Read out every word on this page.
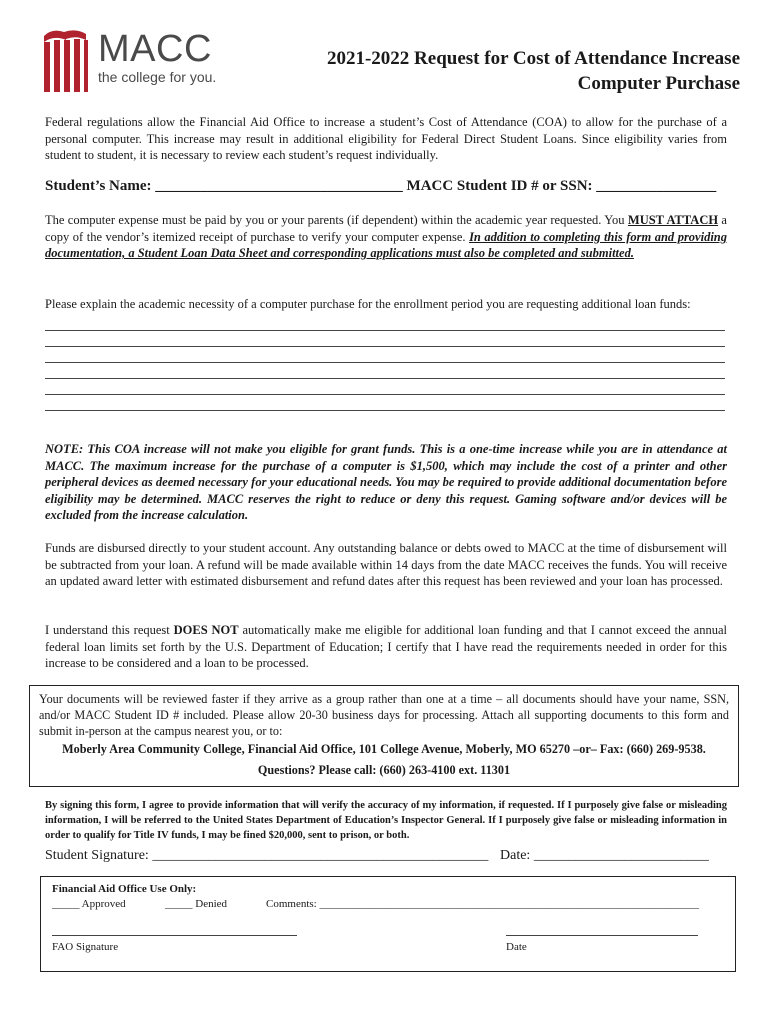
MACC
the college for you.
2021-2022 Request for Cost of Attendance Increase
Computer Purchase
Federal regulations allow the Financial Aid Office to increase a student’s Cost of Attendance (COA) to allow for the purchase of a personal computer. This increase may result in additional eligibility for Federal Direct Student Loans. Since eligibility varies from student to student, it is necessary to review each student’s request individually.
Student’s Name: _________________________________ MACC Student ID # or SSN: ________________
The computer expense must be paid by you or your parents (if dependent) within the academic year requested. You MUST ATTACH a copy of the vendor’s itemized receipt of purchase to verify your computer expense. In addition to completing this form and providing documentation, a Student Loan Data Sheet and corresponding applications must also be completed and submitted.
Please explain the academic necessity of a computer purchase for the enrollment period you are requesting additional loan funds:
NOTE: This COA increase will not make you eligible for grant funds. This is a one-time increase while you are in attendance at MACC. The maximum increase for the purchase of a computer is $1,500, which may include the cost of a printer and other peripheral devices as deemed necessary for your educational needs. You may be required to provide additional documentation before eligibility may be determined. MACC reserves the right to reduce or deny this request. Gaming software and/or devices will be excluded from the increase calculation.
Funds are disbursed directly to your student account. Any outstanding balance or debts owed to MACC at the time of disbursement will be subtracted from your loan. A refund will be made available within 14 days from the date MACC receives the funds. You will receive an updated award letter with estimated disbursement and refund dates after this request has been reviewed and your loan has processed.
I understand this request DOES NOT automatically make me eligible for additional loan funding and that I cannot exceed the annual federal loan limits set forth by the U.S. Department of Education; I certify that I have read the requirements needed in order for this increase to be considered and a loan to be processed.
Your documents will be reviewed faster if they arrive as a group rather than one at a time – all documents should have your name, SSN, and/or MACC Student ID # included. Please allow 20-30 business days for processing. Attach all supporting documents to this form and submit in-person at the campus nearest you, or to:
Moberly Area Community College, Financial Aid Office, 101 College Avenue, Moberly, MO 65270 –or– Fax: (660) 269-9538.
Questions? Please call: (660) 263-4100 ext. 11301
By signing this form, I agree to provide information that will verify the accuracy of my information, if requested. If I purposely give false or misleading information, I will be referred to the United States Department of Education’s Inspector General. If I purposely give false or misleading information in order to qualify for Title IV funds, I may be fined $20,000, sent to prison, or both.
Student Signature: ________________________________________________ Date: _________________________
Financial Aid Office Use Only:
_____ Approved	_____ Denied	Comments: _____________________________________________________________________
FAO Signature	Date
